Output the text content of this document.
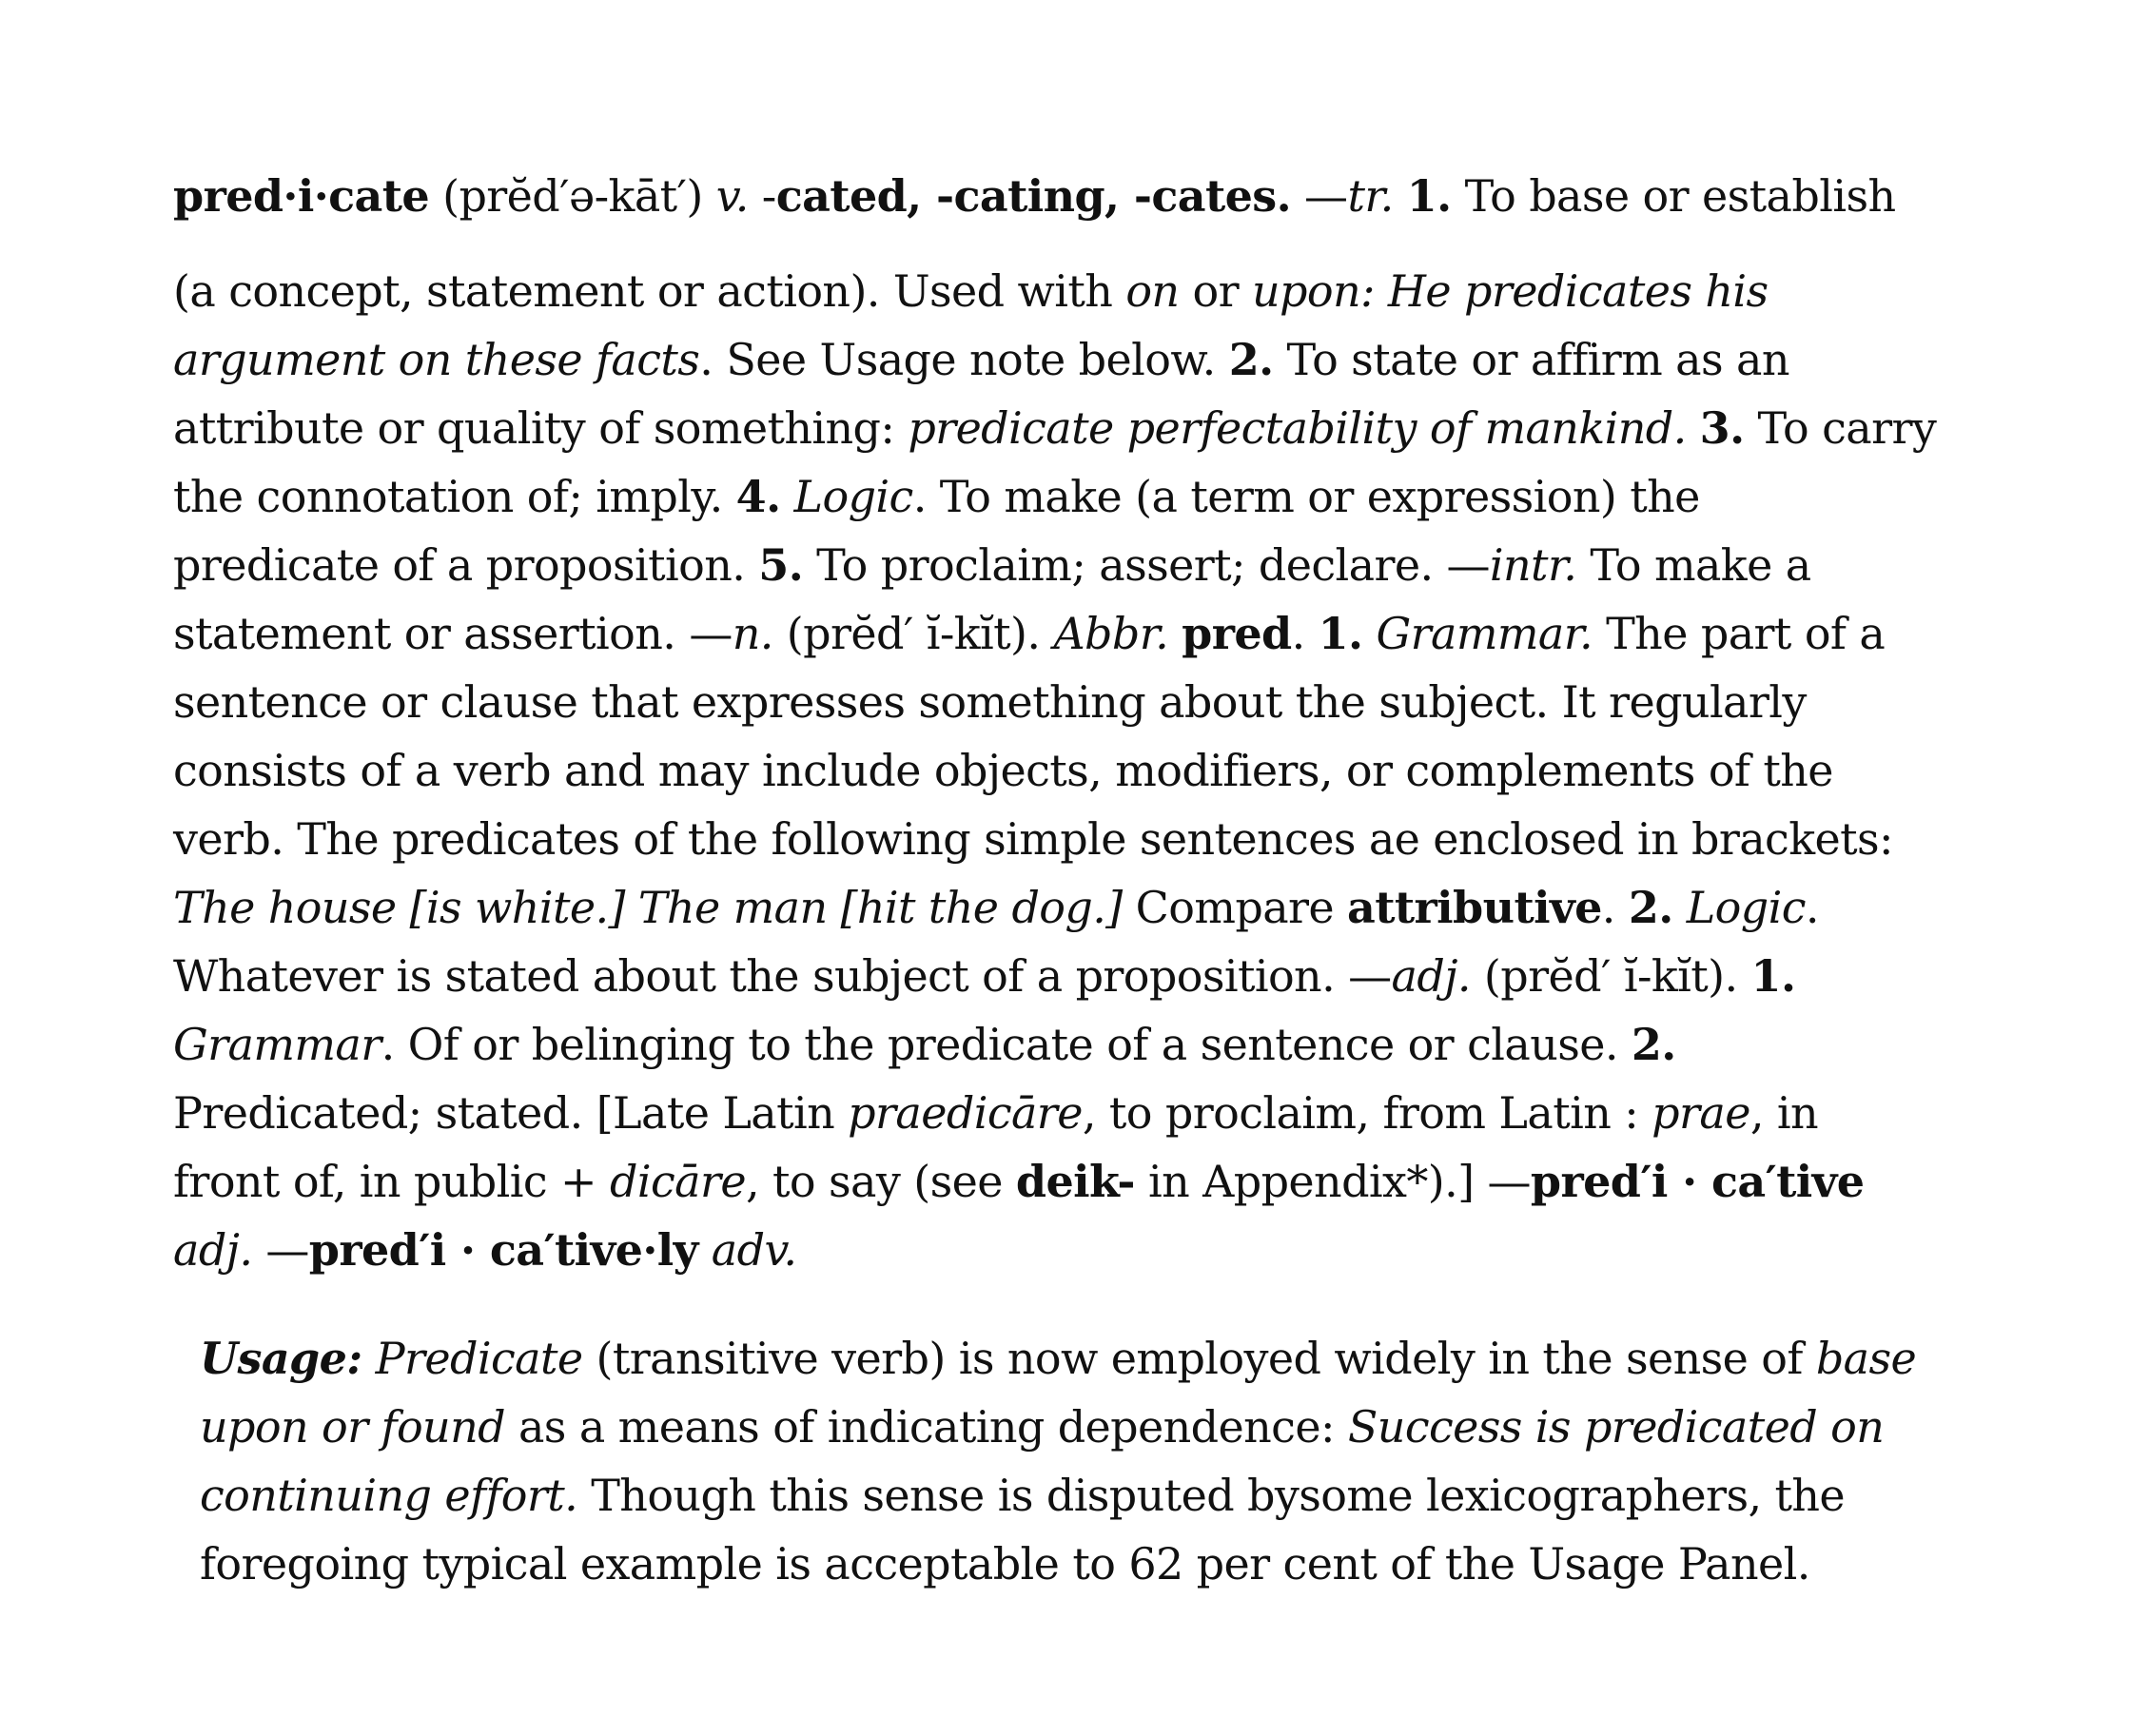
pred·i·cate (prĕd′ə-kāt′) v. -cated, -cating, -cates. —tr. 1. To base or establish
(a concept, statement or action). Used with on or upon: He predicates his
argument on these facts. See Usage note below. 2. To state or affirm as an
attribute or quality of something: predicate perfectability of mankind. 3. To carry
the connotation of; imply. 4. Logic. To make (a term or expression) the
predicate of a proposition. 5. To proclaim; assert; declare. —intr. To make a
statement or assertion. —n. (prĕd′ ĭ-kĭt). Abbr. pred. 1. Grammar. The part of a
sentence or clause that expresses something about the subject. It regularly
consists of a verb and may include objects, modifiers, or complements of the
verb. The predicates of the following simple sentences ae enclosed in brackets:
The house [is white.] The man [hit the dog.] Compare attributive. 2. Logic.
Whatever is stated about the subject of a proposition. —adj. (prĕd′ ĭ-kĭt). 1.
Grammar. Of or belinging to the predicate of a sentence or clause. 2.
Predicated; stated. [Late Latin praedicāre, to proclaim, from Latin : prae, in
front of, in public + dicāre, to say (see deik- in Appendix*).] —pred′i · ca′tive
adj. —pred′i · ca′tive·ly adv.
Usage: Predicate (transitive verb) is now employed widely in the sense of base
upon or found as a means of indicating dependence: Success is predicated on
continuing effort. Though this sense is disputed bysome lexicographers, the
foregoing typical example is acceptable to 62 per cent of the Usage Panel.
